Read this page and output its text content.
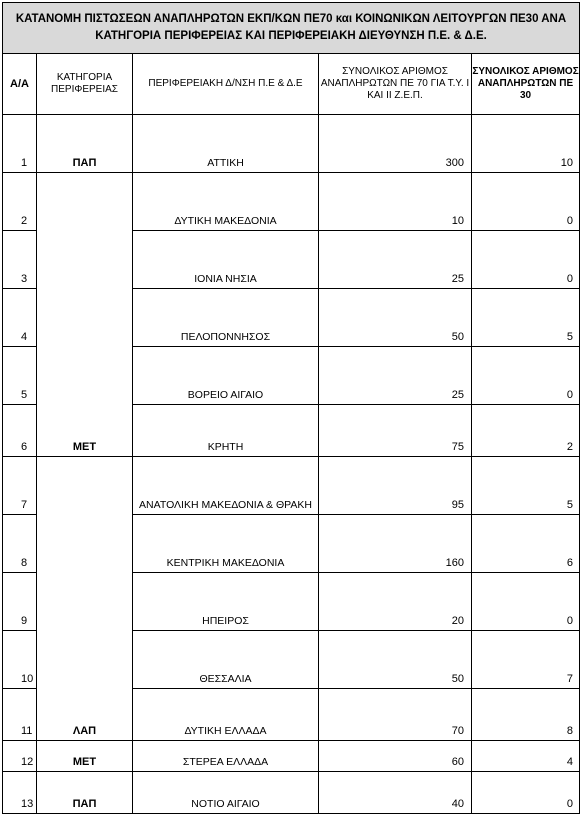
ΚΑΤΑΝΟΜΗ ΠΙΣΤΩΣΕΩΝ ΑΝΑΠΛΗΡΩΤΩΝ ΕΚΠ/ΚΩΝ ΠΕ70 και ΚΟΙΝΩΝΙΚΩΝ ΛΕΙΤΟΥΡΓΩΝ ΠΕ30 ΑΝΑ
ΚΑΤΗΓΟΡΙΑ ΠΕΡΙΦΕΡΕΙΑΣ ΚΑΙ ΠΕΡΙΦΕΡΕΙΑΚΗ ΔΙΕΥΘΥΝΣΗ Π.Ε. & Δ.Ε.				

Α/Α	ΚΑΤΗΓΟΡΙΑ ΠΕΡΙΦΕΡΕΙΑΣ	ΠΕΡΙΦΕΡΕΙΑΚΗ Δ/ΝΣΗ Π.Ε & Δ.Ε	ΣΥΝΟΛΙΚΟΣ ΑΡΙΘΜΟΣ ΑΝΑΠΛΗΡΩΤΩΝ ΠΕ 70 ΓΙΑ Τ.Υ. Ι ΚΑΙ ΙΙ Ζ.Ε.Π.	ΣΥΝΟΛΙΚΟΣ ΑΡΙΘΜΟΣ ΑΝΑΠΛΗΡΩΤΩΝ ΠΕ 30
1	ΠΑΠ	ΑΤΤΙΚΗ	300	10
2	ΜΕΤ	ΔΥΤΙΚΗ ΜΑΚΕΔΟΝΙΑ	10	0
3		ΙΟΝΙΑ ΝΗΣΙΑ	25	0
4		ΠΕΛΟΠΟΝΝΗΣΟΣ	50	5
5		ΒΟΡΕΙΟ ΑΙΓΑΙΟ	25	0
6		ΚΡΗΤΗ	75	2
7	ΛΑΠ	ΑΝΑΤΟΛΙΚΗ ΜΑΚΕΔΟΝΙΑ & ΘΡΑΚΗ	95	5
8		ΚΕΝΤΡΙΚΗ ΜΑΚΕΔΟΝΙΑ	160	6
9		ΗΠΕΙΡΟΣ	20	0
10		ΘΕΣΣΑΛΙΑ	50	7
11		ΔΥΤΙΚΗ ΕΛΛΑΔΑ	70	8
12	ΜΕΤ	ΣΤΕΡΕΑ ΕΛΛΑΔΑ	60	4
13	ΠΑΠ	ΝΟΤΙΟ ΑΙΓΑΙΟ	40	0
